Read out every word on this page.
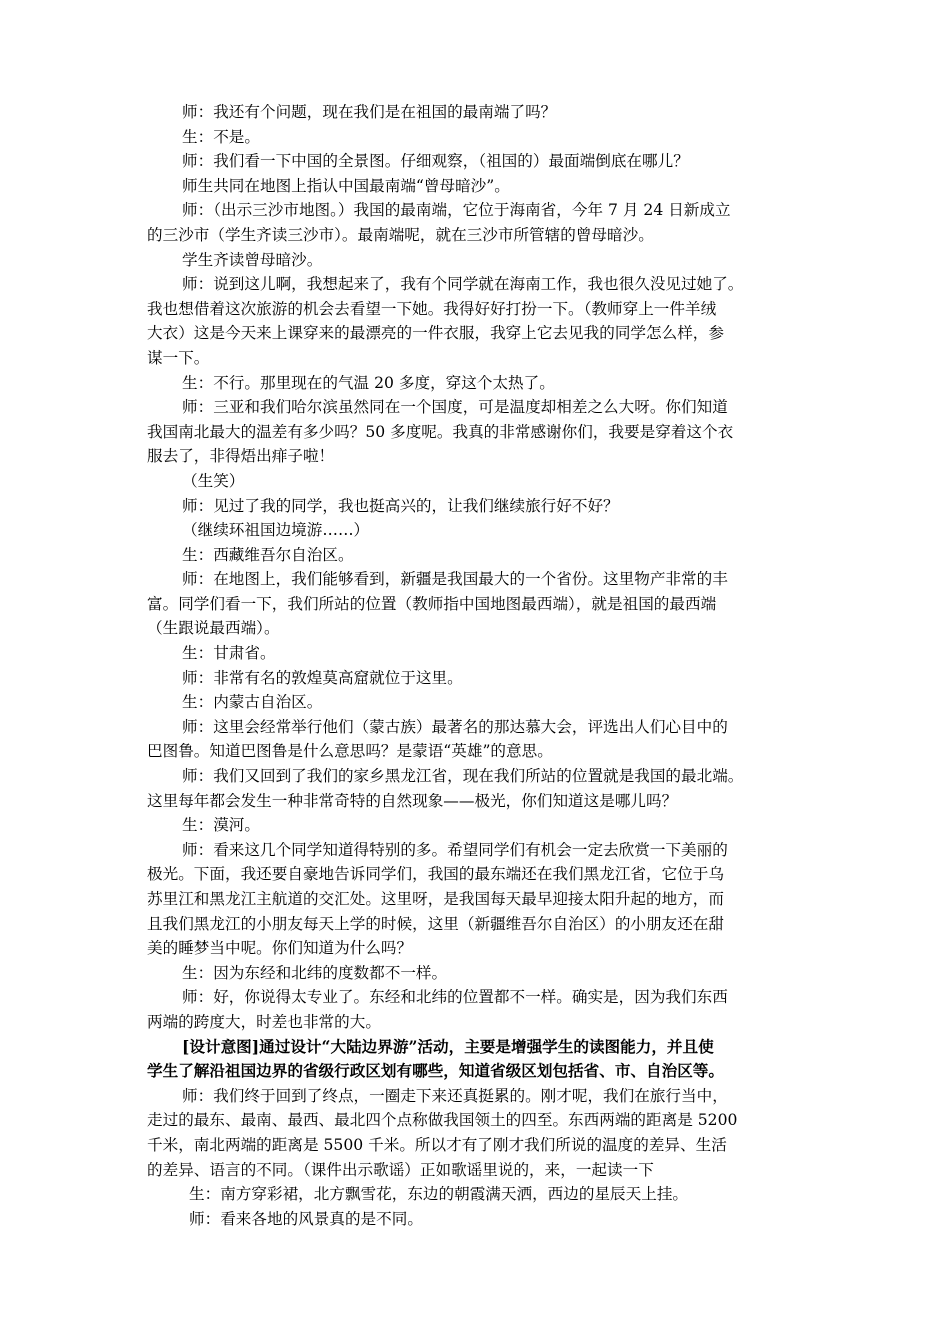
师：我还有个问题，现在我们是在祖国的最南端了吗？
生：不是。
师：我们看一下中国的全景图。仔细观察，（祖国的）最面端倒底在哪儿？
师生共同在地图上指认中国最南端“曾母暗沙”。
师：（出示三沙市地图。）我国的最南端，它位于海南省，今年 7 月 24 日新成立
的三沙市（学生齐读三沙市）。最南端呢，就在三沙市所管辖的曾母暗沙。
学生齐读曾母暗沙。
师：说到这儿啊，我想起来了，我有个同学就在海南工作，我也很久没见过她了。
我也想借着这次旅游的机会去看望一下她。我得好好打扮一下。（教师穿上一件羊绒
大衣）这是今天来上课穿来的最漂亮的一件衣服，我穿上它去见我的同学怎么样，参
谋一下。
生：不行。那里现在的气温 20 多度，穿这个太热了。
师：三亚和我们哈尔滨虽然同在一个国度，可是温度却相差之么大呀。你们知道
我国南北最大的温差有多少吗？50 多度呢。我真的非常感谢你们，我要是穿着这个衣
服去了，非得焐出痱子啦！
（生笑）
师：见过了我的同学，我也挺高兴的，让我们继续旅行好不好？
（继续环祖国边境游……）
生：西藏维吾尔自治区。
师：在地图上，我们能够看到，新疆是我国最大的一个省份。这里物产非常的丰
富。同学们看一下，我们所站的位置（教师指中国地图最西端），就是祖国的最西端
（生跟说最西端）。
生：甘肃省。
师：非常有名的敦煌莫高窟就位于这里。
生：内蒙古自治区。
师：这里会经常举行他们（蒙古族）最著名的那达慕大会，评选出人们心目中的
巴图鲁。知道巴图鲁是什么意思吗？是蒙语“英雄”的意思。
师：我们又回到了我们的家乡黑龙江省，现在我们所站的位置就是我国的最北端。
这里每年都会发生一种非常奇特的自然现象——极光，你们知道这是哪儿吗？
生：漠河。
师：看来这几个同学知道得特别的多。希望同学们有机会一定去欣赏一下美丽的
极光。下面，我还要自豪地告诉同学们，我国的最东端还在我们黑龙江省，它位于乌
苏里江和黑龙江主航道的交汇处。这里呀，是我国每天最早迎接太阳升起的地方，而
且我们黑龙江的小朋友每天上学的时候，这里（新疆维吾尔自治区）的小朋友还在甜
美的睡梦当中呢。你们知道为什么吗？
生：因为东经和北纬的度数都不一样。
师：好，你说得太专业了。东经和北纬的位置都不一样。确实是，因为我们东西
两端的跨度大，时差也非常的大。
[设计意图]通过设计“大陆边界游”活动，主要是增强学生的读图能力，并且使
学生了解沿祖国边界的省级行政区划有哪些，知道省级区划包括省、市、自治区等。
师：我们终于回到了终点，一圈走下来还真挺累的。刚才呢，我们在旅行当中，
走过的最东、最南、最西、最北四个点称做我国领土的四至。东西两端的距离是 5200
千米，南北两端的距离是 5500 千米。所以才有了刚才我们所说的温度的差异、生活
的差异、语言的不同。（课件出示歌谣）正如歌谣里说的，来，一起读一下
生：南方穿彩裙，北方飘雪花，东边的朝霞满天洒，西边的星辰天上挂。
师：看来各地的风景真的是不同。
